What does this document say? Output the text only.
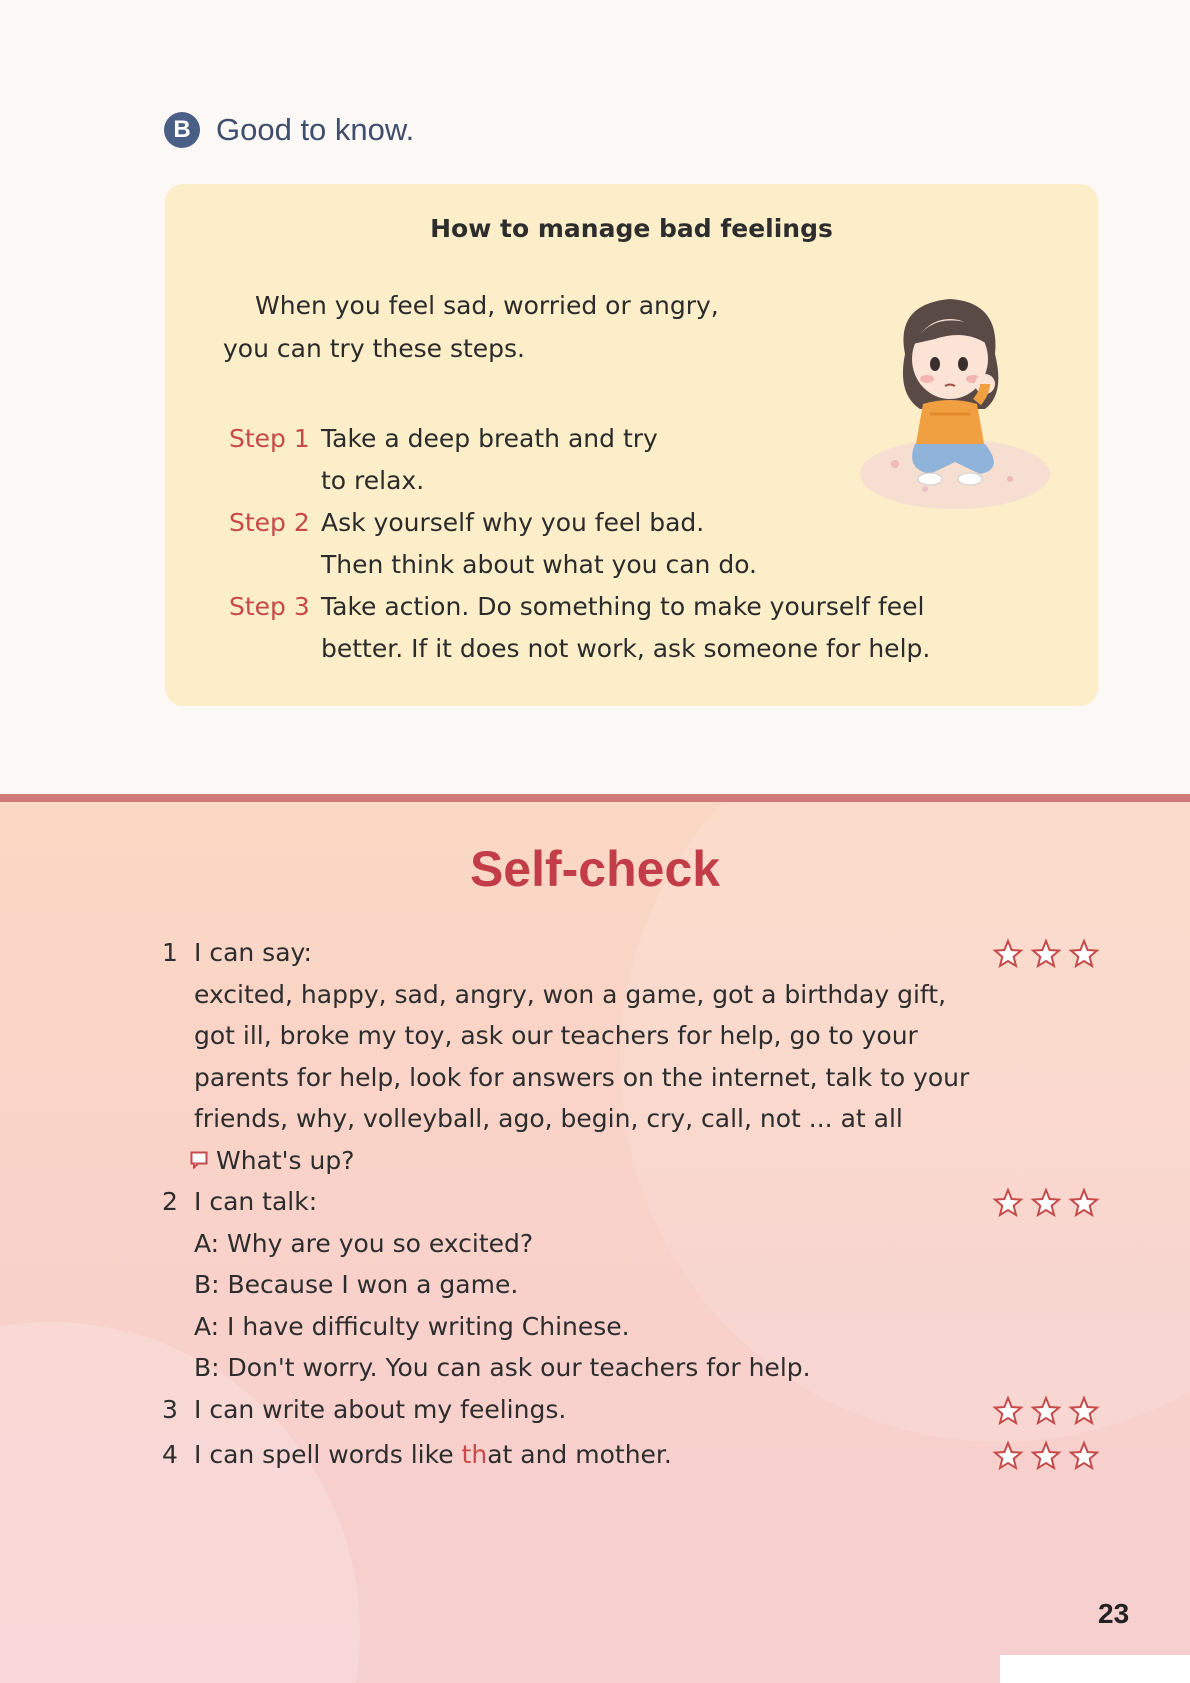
B Good to know.
How to manage bad feelings
When you feel sad, worried or angry,
you can try these steps.
Step 1 Take a deep breath and try
to relax.
Step 2 Ask yourself why you feel bad.
Then think about what you can do.
Step 3 Take action. Do something to make yourself feel
better. If it does not work, ask someone for help.
Self-check
1 I can say:
excited, happy, sad, angry, won a game, got a birthday gift,
got ill, broke my toy, ask our teachers for help, go to your
parents for help, look for answers on the internet, talk to your
friends, why, volleyball, ago, begin, cry, call, not ... at all
What's up?
2 I can talk:
A: Why are you so excited?
B: Because I won a game.
A: I have difficulty writing Chinese.
B: Don't worry. You can ask our teachers for help.
3 I can write about my feelings.
4 I can spell words like that and mother.
23
